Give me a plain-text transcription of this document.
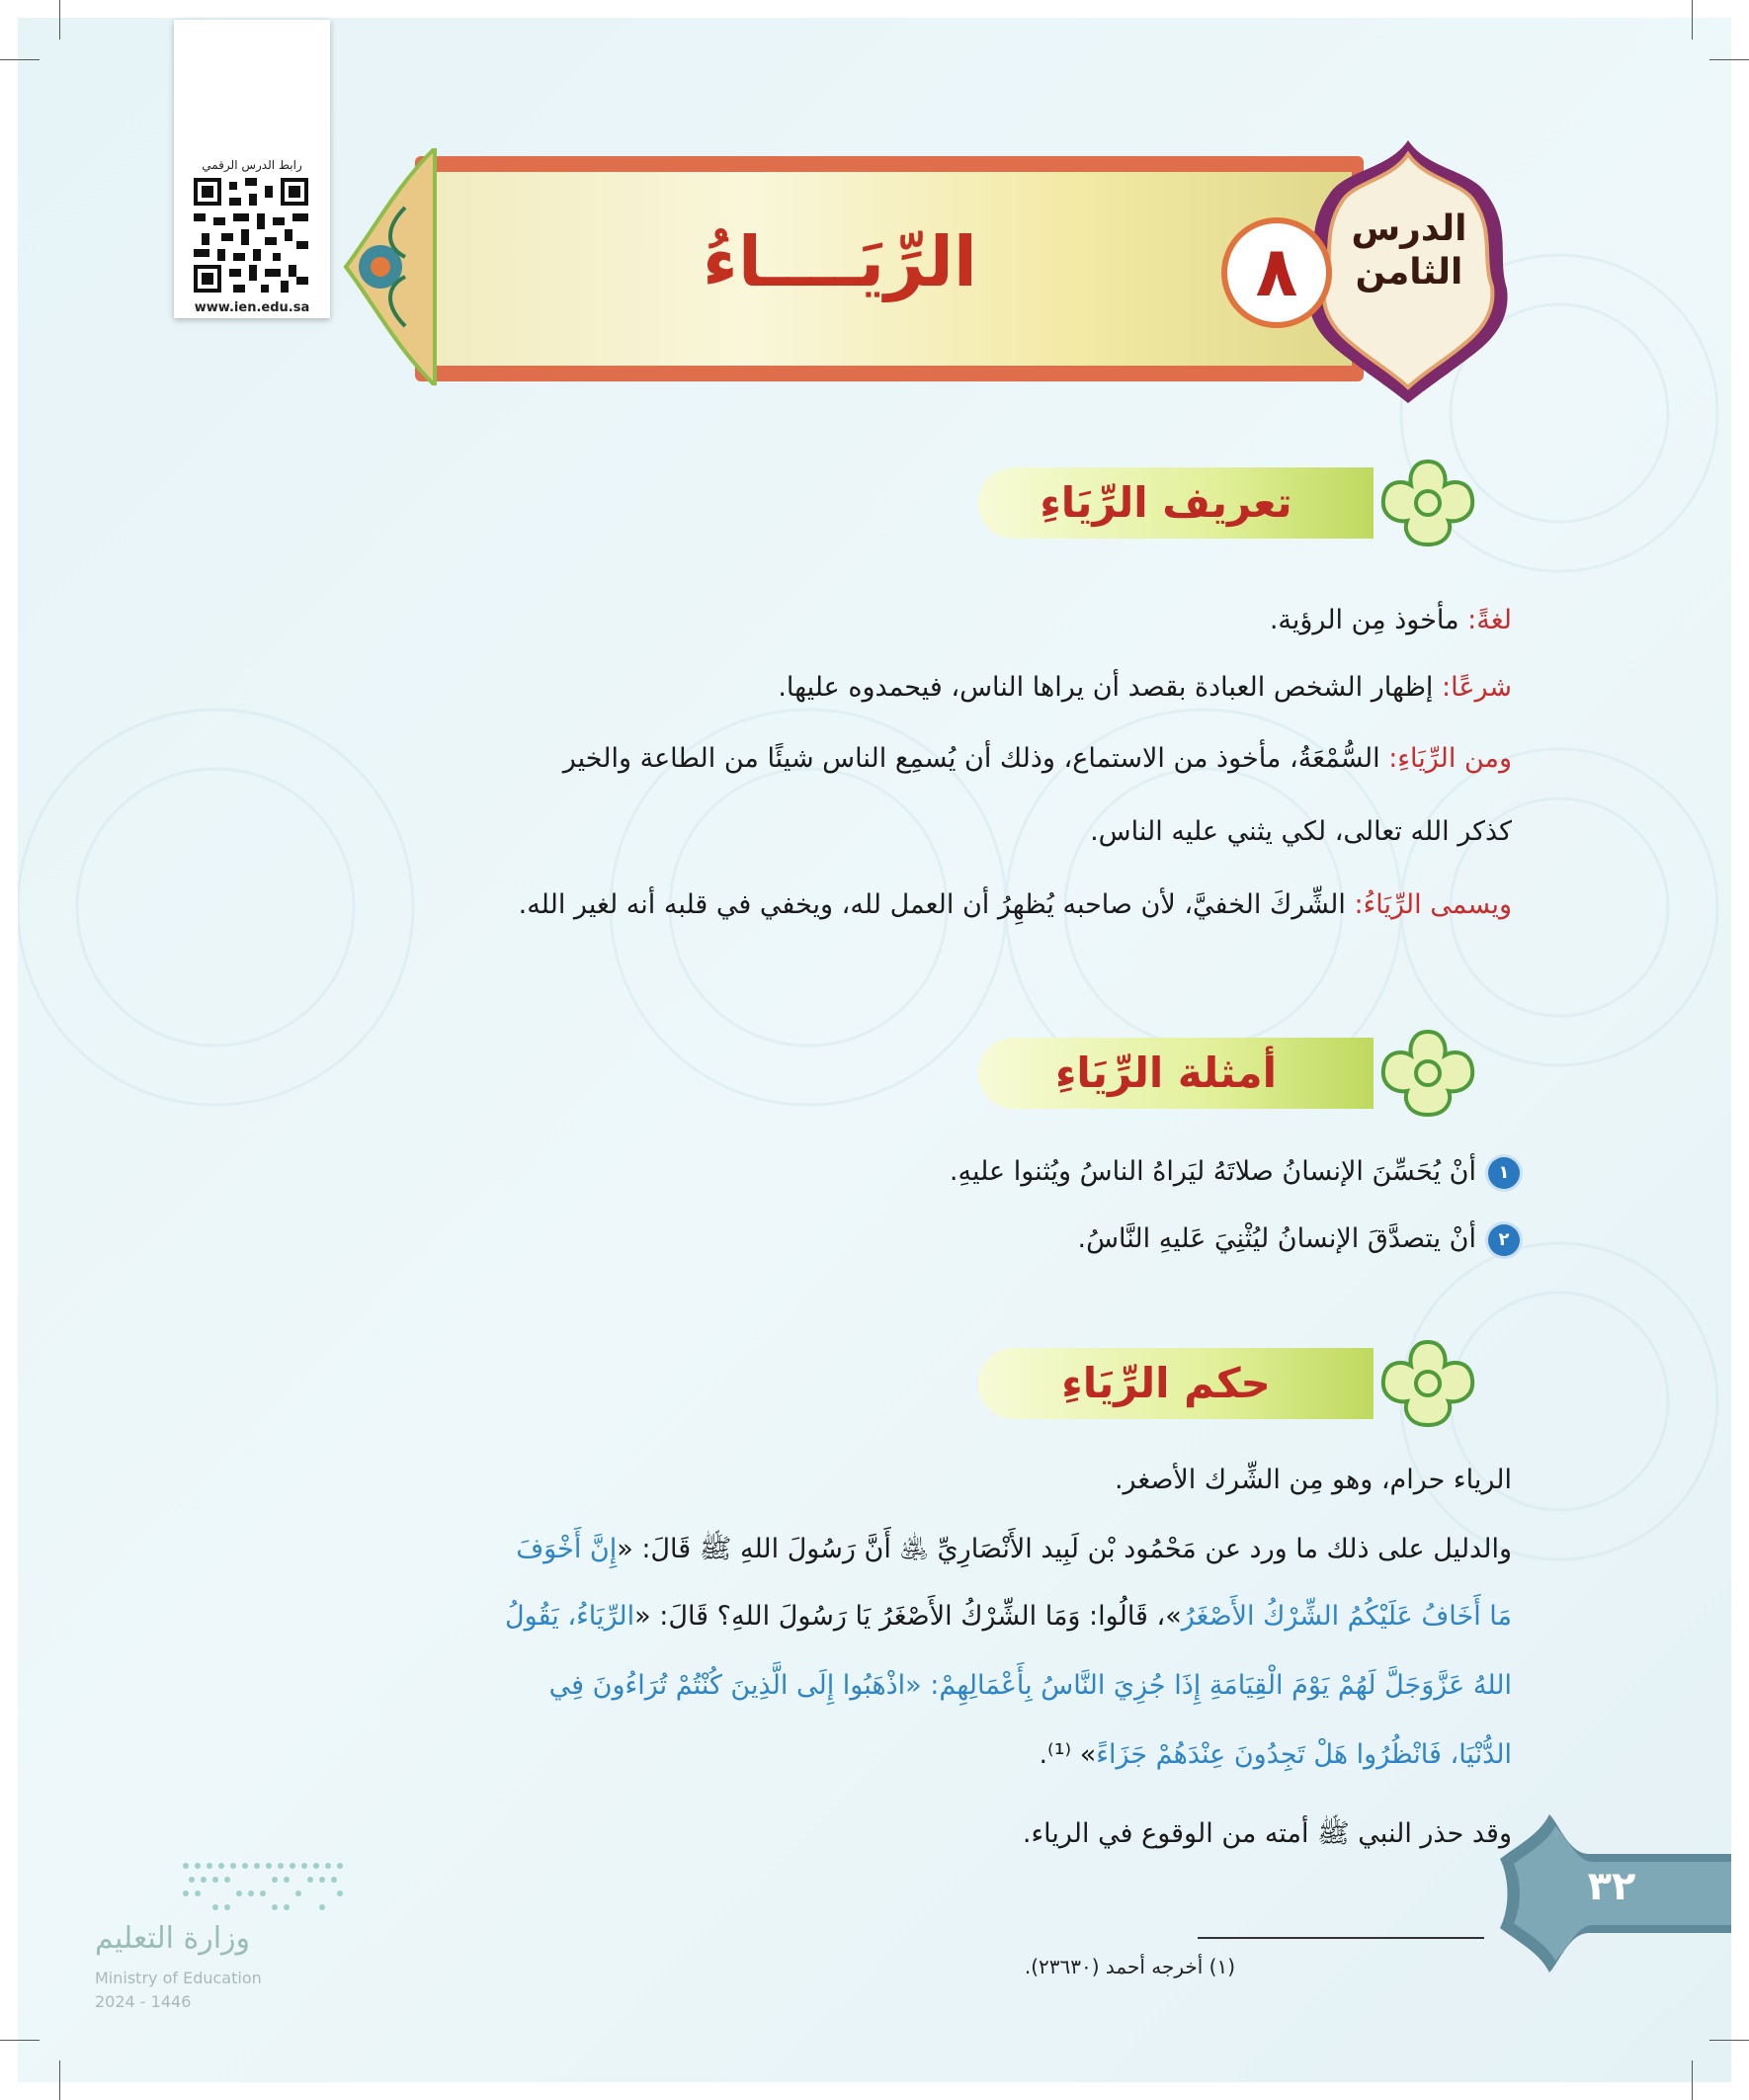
رابط الدرس الرقمي
www.ien.edu.sa
الرِّيَــــاءُ	الدرس
الثامن
٨
تعريف الرِّيَاءِ
لغةً: مأخوذ مِن الرؤية.
شرعًا: إظهار الشخص العبادة بقصد أن يراها الناس، فيحمدوه عليها.
ومن الرِّيَاءِ: السُّمْعَةُ، مأخوذ من الاستماع، وذلك أن يُسمِع الناس شيئًا من الطاعة والخير
كذكر الله تعالى، لكي يثني عليه الناس.
ويسمى الرِّيَاءُ: الشِّركَ الخفيَّ، لأن صاحبه يُظهِرُ أن العمل لله، ويخفي في قلبه أنه لغير الله.
أمثلة الرِّيَاءِ
١أنْ يُحَسِّنَ الإنسانُ صلاتَهُ ليَراهُ الناسُ ويُثنوا عليهِ.
٢أنْ يتصدَّقَ الإنسانُ ليُثْنِيَ عَليهِ النَّاسُ.
حكم الرِّيَاءِ
الرياء حرام، وهو مِن الشِّرك الأصغر.
والدليل على ذلك ما ورد عن مَحْمُود بْن لَبِيد الأَنْصَارِيِّ ﵁ أَنَّ رَسُولَ اللهِ ﷺ قَالَ: «إِنَّ أَخْوَفَ
مَا أَخَافُ عَلَيْكُمُ الشِّرْكُ الأَصْغَرُ»، قَالُوا: وَمَا الشِّرْكُ الأَصْغَرُ يَا رَسُولَ اللهِ؟ قَالَ: «الرِّيَاءُ، يَقُولُ
اللهُ عَزَّوَجَلَّ لَهُمْ يَوْمَ الْقِيَامَةِ إِذَا جُزِيَ النَّاسُ بِأَعْمَالِهِمْ: «اذْهَبُوا إِلَى الَّذِينَ كُنْتُمْ تُرَاءُونَ فِي
الدُّنْيَا، فَانْظُرُوا هَلْ تَجِدُونَ عِنْدَهُمْ جَزَاءً» ⁽¹⁾.
وقد حذر النبي ﷺ أمته من الوقوع في الرياء.
(١) أخرجه أحمد (٢٣٦٣٠).
٣٢
وزارة التعليم
Ministry of Education
2024 - 1446
